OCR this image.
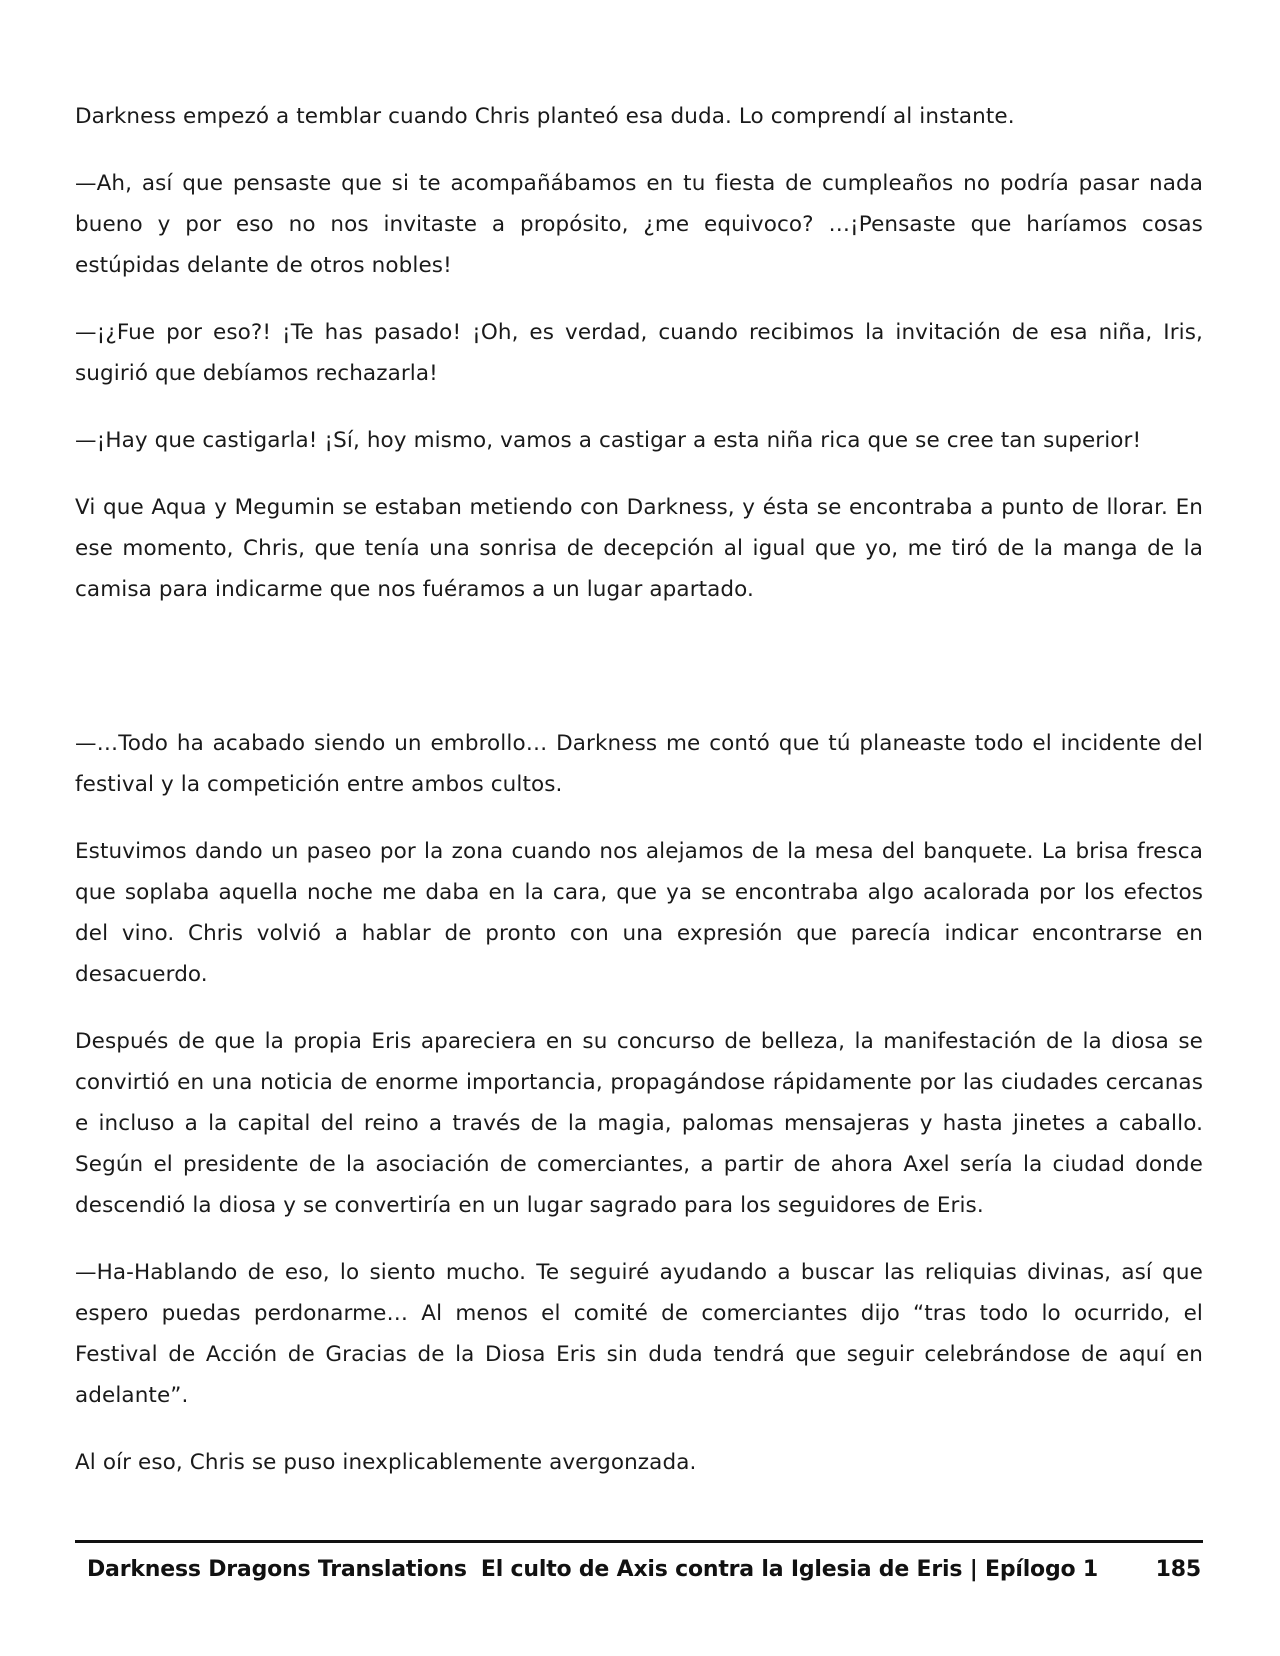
Darkness empezó a temblar cuando Chris planteó esa duda. Lo comprendí al instante.

—Ah, así que pensaste que si te acompañábamos en tu fiesta de cumpleaños no podría pasar nada bueno y por eso no nos invitaste a propósito, ¿me equivoco? …¡Pensaste que haríamos cosas estúpidas delante de otros nobles!

—¡¿Fue por eso?! ¡Te has pasado! ¡Oh, es verdad, cuando recibimos la invitación de esa niña, Iris, sugirió que debíamos rechazarla!

—¡Hay que castigarla! ¡Sí, hoy mismo, vamos a castigar a esta niña rica que se cree tan superior!

Vi que Aqua y Megumin se estaban metiendo con Darkness, y ésta se encontraba a punto de llorar. En ese momento, Chris, que tenía una sonrisa de decepción al igual que yo, me tiró de la manga de la camisa para indicarme que nos fuéramos a un lugar apartado.

—…Todo ha acabado siendo un embrollo… Darkness me contó que tú planeaste todo el incidente del festival y la competición entre ambos cultos.

Estuvimos dando un paseo por la zona cuando nos alejamos de la mesa del banquete. La brisa fresca que soplaba aquella noche me daba en la cara, que ya se encontraba algo acalorada por los efectos del vino. Chris volvió a hablar de pronto con una expresión que parecía indicar encontrarse en desacuerdo.

Después de que la propia Eris apareciera en su concurso de belleza, la manifestación de la diosa se convirtió en una noticia de enorme importancia, propagándose rápidamente por las ciudades cercanas e incluso a la capital del reino a través de la magia, palomas mensajeras y hasta jinetes a caballo. Según el presidente de la asociación de comerciantes, a partir de ahora Axel sería la ciudad donde descendió la diosa y se convertiría en un lugar sagrado para los seguidores de Eris.

—Ha-Hablando de eso, lo siento mucho. Te seguiré ayudando a buscar las reliquias divinas, así que espero puedas perdonarme… Al menos el comité de comerciantes dijo “tras todo lo ocurrido, el Festival de Acción de Gracias de la Diosa Eris sin duda tendrá que seguir celebrándose de aquí en adelante”.

Al oír eso, Chris se puso inexplicablemente avergonzada.

Darkness Dragons Translations El culto de Axis contra la Iglesia de Eris | Epílogo 1	185
